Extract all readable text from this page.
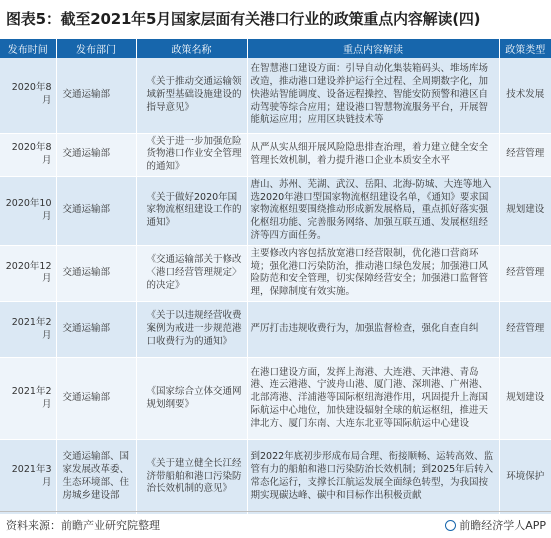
图表5：截至2021年5月国家层面有关港口行业的政策重点内容解读(四)
发布时间	发布部门	政策名称	重点内容解读	政策类型
2020年8月	交通运输部	《关于推动交通运输领域新型基础设施建设的指导意见》	在智慧港口建设方面：引导自动化集装箱码头、堆场库场改造，推动港口建设养护运行全过程、全周期数字化，加快港站智能调度、设备远程操控、智能安防预警和港区自动驾驶等综合应用；建设港口智慧物流服务平台，开展智能航运应用；应用区块链技术等	技术发展
2020年8月	交通运输部	《关于进一步加强危险货物港口作业安全管理的通知》	从严从实从细开展风险隐患排查治理，着力建立健全安全管理长效机制，着力提升港口企业本质安全水平	经营管理
2020年10月	交通运输部	《关于做好2020年国家物流枢纽建设工作的通知》	唐山、苏州、芜湖、武汉、岳阳、北海-防城、大连等地入选2020年港口型国家物流枢纽建设名单，《通知》要求国家物流枢纽要围绕推动形成新发展格局，重点抓好落实强化枢纽功能、完善服务网络、加强互联互通、发展枢纽经济等四方面任务。	规划建设
2020年12月	交通运输部	《交通运输部关于修改〈港口经营管理规定〉的决定》	主要修改内容包括放宽港口经营限制，优化港口营商环境；强化港口污染防治，推动港口绿色发展；加强港口风险防范和安全管理，切实保障经营安全；加强港口监督管理，保障制度有效实施。	经营管理
2021年2月	交通运输部	《关于以违规经营收费案例为戒进一步规范港口收费行为的通知》	严厉打击违规收费行为，加强监督检查，强化自查自纠	经营管理
2021年2月	交通运输部	《国家综合立体交通网规划纲要》	在港口建设方面，发挥上海港、大连港、天津港、青岛港、连云港港、宁波舟山港、厦门港、深圳港、广州港、北部湾港、洋浦港等国际枢纽海港作用，巩固提升上海国际航运中心地位，加快建设辐射全球的航运枢纽，推进天津北方、厦门东南、大连东北亚等国际航运中心建设	规划建设
2021年3月	交通运输部、国家发展改革委、生态环境部、住房城乡建设部	《关于建立健全长江经济带船舶和港口污染防治长效机制的意见》	到2022年底初步形成布局合理、衔接顺畅、运转高效、监管有力的船舶和港口污染防治长效机制；到2025年后转入常态化运行，支撑长江航运发展全面绿色转型，为我国按期实现碳达峰、碳中和目标作出积极贡献	环境保护
资料来源：前瞻产业研究院整理	前瞻经济学人APP
